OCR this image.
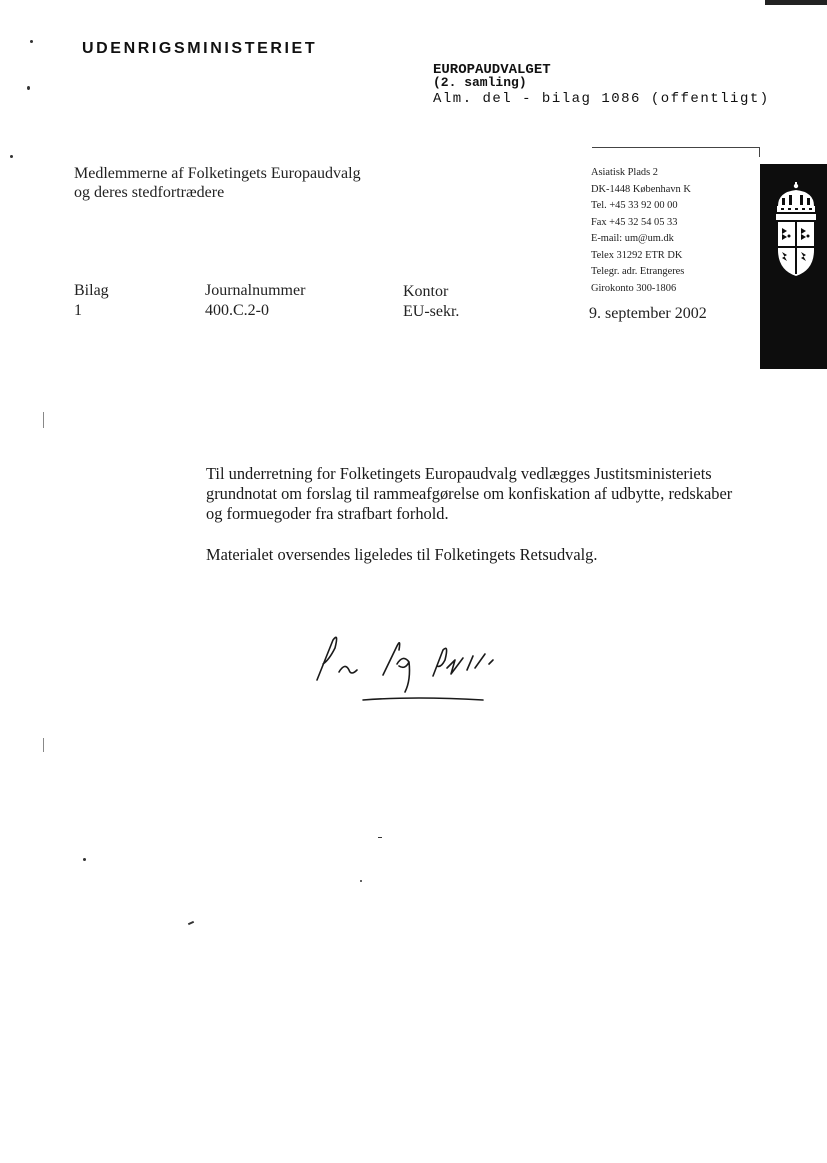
UDENRIGSMINISTERIET
EUROPAUDVALGET
(2. samling)
Alm. del - bilag 1086 (offentligt)
Medlemmerne af Folketingets Europaudvalg
og deres stedfortrædere
Asiatisk Plads 2
DK-1448 København K
Tel. +45 33 92 00 00
Fax +45 32 54 05 33
E-mail: um@um.dk
Telex 31292 ETR DK
Telegr. adr. Etrangeres
Girokonto 300-1806
Bilag
1
Journalnummer
400.C.2-0
Kontor
EU-sekr.	9. september 2002

Til underretning for Folketingets Europaudvalg vedlægges Justitsministeriets grundnotat om forslag til rammeafgørelse om konfiskation af udbytte, redskaber og formuegoder fra strafbart forhold.

Materialet oversendes ligeledes til Folketingets Retsudvalg.
